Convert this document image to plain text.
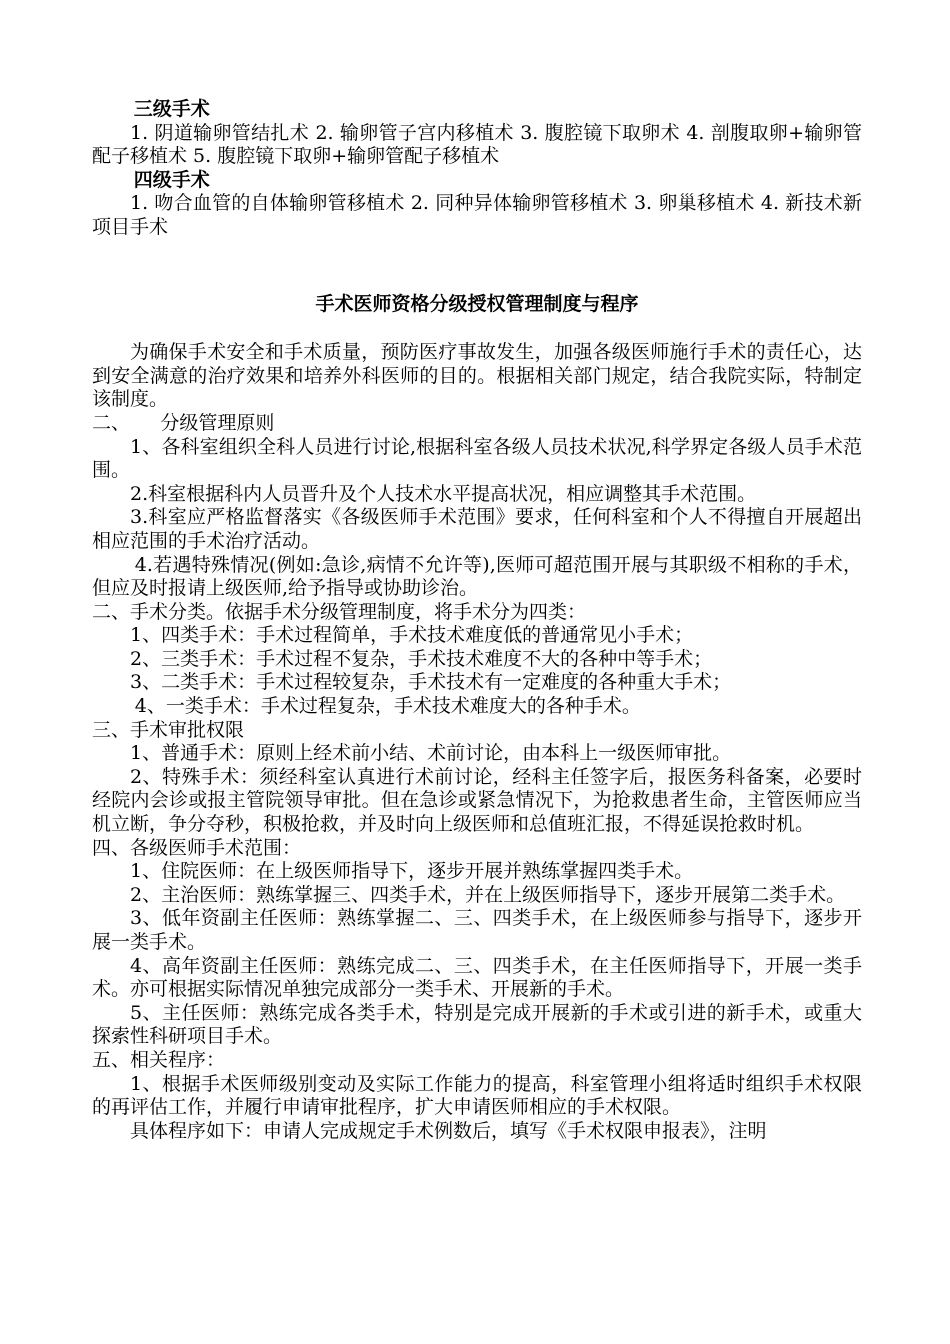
三级手术

1. 阴道输卵管结扎术 2. 输卵管子宫内移植术 3. 腹腔镜下取卵术 4. 剖腹取卵+输卵管配子移植术 5. 腹腔镜下取卵+输卵管配子移植术

四级手术

1. 吻合血管的自体输卵管移植术 2. 同种异体输卵管移植术 3. 卵巢移植术 4. 新技术新项目手术

手术医师资格分级授权管理制度与程序

为确保手术安全和手术质量，预防医疗事故发生，加强各级医师施行手术的责任心，达到安全满意的治疗效果和培养外科医师的目的。根据相关部门规定，结合我院实际，特制定该制度。

二、 分级管理原则

1、各科室组织全科人员进行讨论,根据科室各级人员技术状况,科学界定各级人员手术范围。

2.科室根据科内人员晋升及个人技术水平提高状况，相应调整其手术范围。

3.科室应严格监督落实《各级医师手术范围》要求，任何科室和个人不得擅自开展超出相应范围的手术治疗活动。

4.若遇特殊情况(例如:急诊,病情不允许等),医师可超范围开展与其职级不相称的手术，但应及时报请上级医师,给予指导或协助诊治。

二、手术分类。依据手术分级管理制度，将手术分为四类：

1、四类手术：手术过程简单，手术技术难度低的普通常见小手术；

2、三类手术：手术过程不复杂，手术技术难度不大的各种中等手术；

3、二类手术：手术过程较复杂，手术技术有一定难度的各种重大手术；

4、一类手术：手术过程复杂，手术技术难度大的各种手术。

三、手术审批权限

1、普通手术：原则上经术前小结、术前讨论，由本科上一级医师审批。

2、特殊手术：须经科室认真进行术前讨论，经科主任签字后，报医务科备案，必要时经院内会诊或报主管院领导审批。但在急诊或紧急情况下，为抢救患者生命，主管医师应当机立断，争分夺秒，积极抢救，并及时向上级医师和总值班汇报，不得延误抢救时机。

四、各级医师手术范围：

1、住院医师：在上级医师指导下，逐步开展并熟练掌握四类手术。

2、主治医师：熟练掌握三、四类手术，并在上级医师指导下，逐步开展第二类手术。

3、低年资副主任医师：熟练掌握二、三、四类手术，在上级医师参与指导下，逐步开展一类手术。

4、高年资副主任医师：熟练完成二、三、四类手术，在主任医师指导下，开展一类手术。亦可根据实际情况单独完成部分一类手术、开展新的手术。

5、主任医师：熟练完成各类手术，特别是完成开展新的手术或引进的新手术，或重大探索性科研项目手术。

五、相关程序：

1、根据手术医师级别变动及实际工作能力的提高，科室管理小组将适时组织手术权限的再评估工作，并履行申请审批程序，扩大申请医师相应的手术权限。

具体程序如下：申请人完成规定手术例数后，填写《手术权限申报表》，注明
